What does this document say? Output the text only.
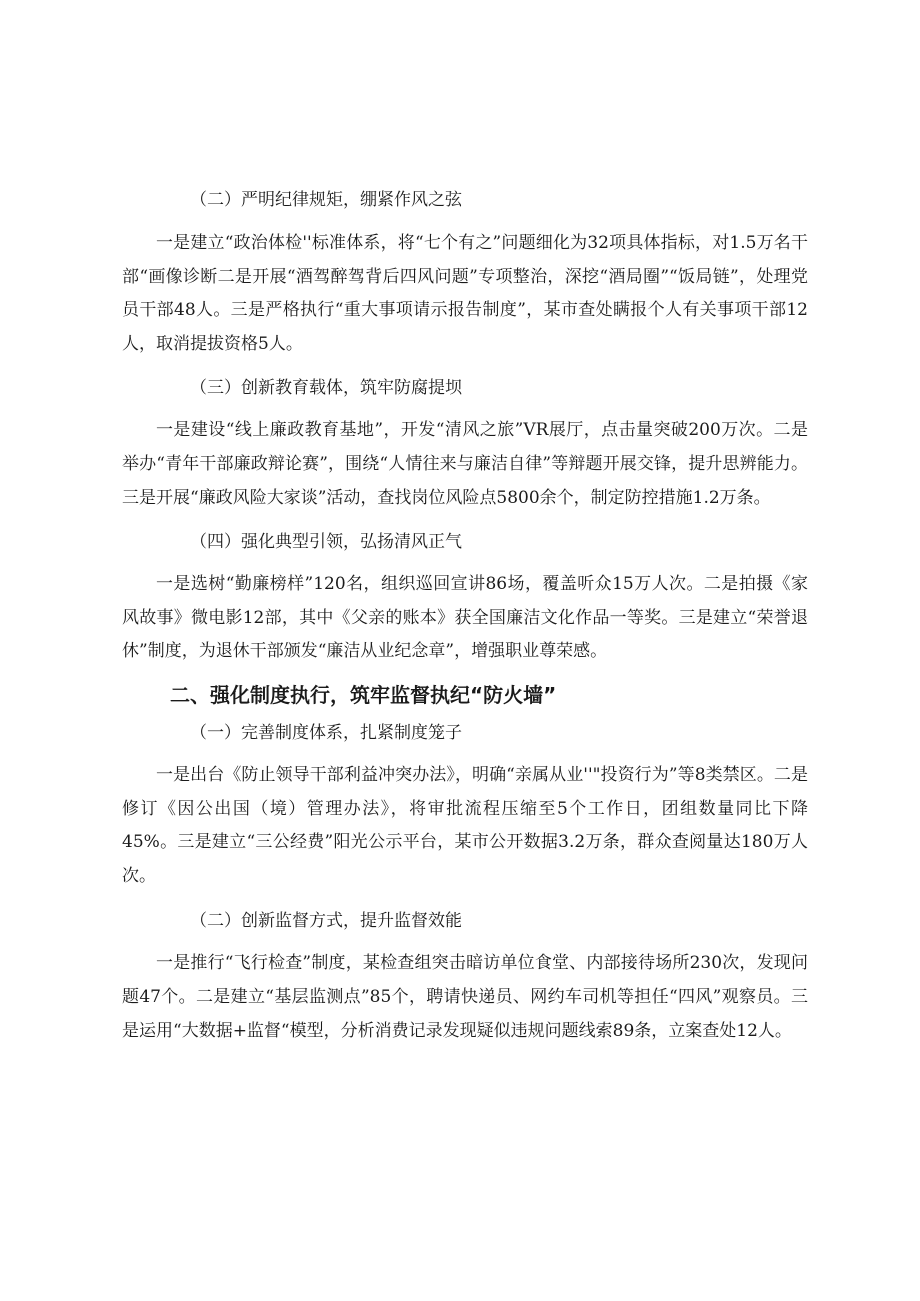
（二）严明纪律规矩，绷紧作风之弦

一是建立“政治体检''标准体系，将“七个有之”问题细化为32项具体指标，对1.5万名干部“画像诊断二是开展“酒驾醉驾背后四风问题”专项整治，深挖“酒局圈”“饭局链”，处理党员干部48人。三是严格执行“重大事项请示报告制度”，某市查处瞒报个人有关事项干部12人，取消提拔资格5人。

（三）创新教育载体，筑牢防腐提坝

一是建设“线上廉政教育基地”，开发“清风之旅”VR展厅，点击量突破200万次。二是举办“青年干部廉政辩论赛”，围绕“人情往来与廉洁自律”等辩题开展交锋，提升思辨能力。三是开展“廉政风险大家谈”活动，查找岗位风险点5800余个，制定防控措施1.2万条。

（四）强化典型引领，弘扬清风正气

一是选树“勤廉榜样”120名，组织巡回宣讲86场，覆盖听众15万人次。二是拍摄《家风故事》微电影12部，其中《父亲的账本》获全国廉洁文化作品一等奖。三是建立“荣誉退休”制度，为退休干部颁发“廉洁从业纪念章”，增强职业尊荣感。

二、强化制度执行，筑牢监督执纪“防火墙”

（一）完善制度体系，扎紧制度笼子

一是出台《防止领导干部利益冲突办法》，明确“亲属从业''"投资行为”等8类禁区。二是修订《因公出国（境）管理办法》，将审批流程压缩至5个工作日，团组数量同比下降45%。三是建立“三公经费”阳光公示平台，某市公开数据3.2万条，群众查阅量达180万人次。

（二）创新监督方式，提升监督效能

一是推行“飞行检查”制度，某检查组突击暗访单位食堂、内部接待场所230次，发现问题47个。二是建立“基层监测点”85个，聘请快递员、网约车司机等担任“四风”观察员。三是运用“大数据+监督“模型，分析消费记录发现疑似违规问题线索89条，立案查处12人。
